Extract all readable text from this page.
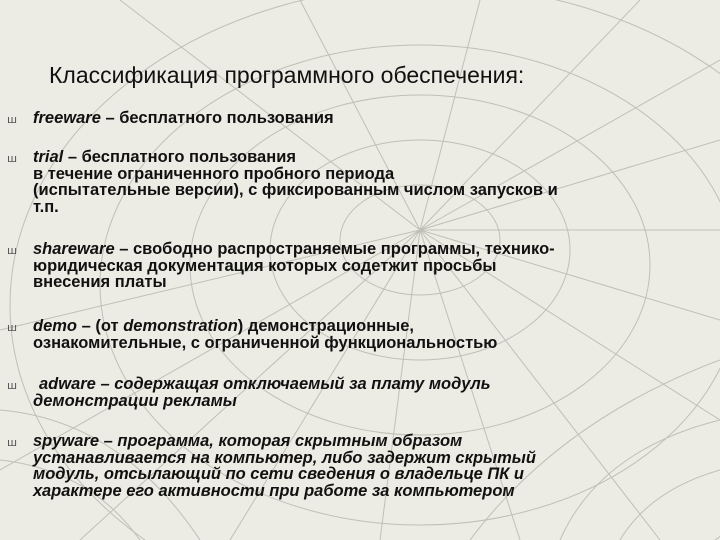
Классификация программного обеспечения:
ш freeware – бесплатного пользования
ш trial – бесплатного пользования
в течение ограниченного пробного периода
(испытательные версии), с фиксированным числом запусков и
т.п.
ш shareware – свободно распространяемые программы, технико-
юридическая документация которых содетжит просьбы
внесения платы
ш demo – (от demonstration) демонстрационные,
ознакомительные, с ограниченной функциональностью
ш	adware – содержащая отключаемый за плату модуль
демонстрации рекламы
ш spyware – программа, которая скрытным образом
устанавливается на компьютер, либо задержит скрытый
модуль, отсылающий по сети сведения о владельце ПК и
характере его активности при работе за компьютером
